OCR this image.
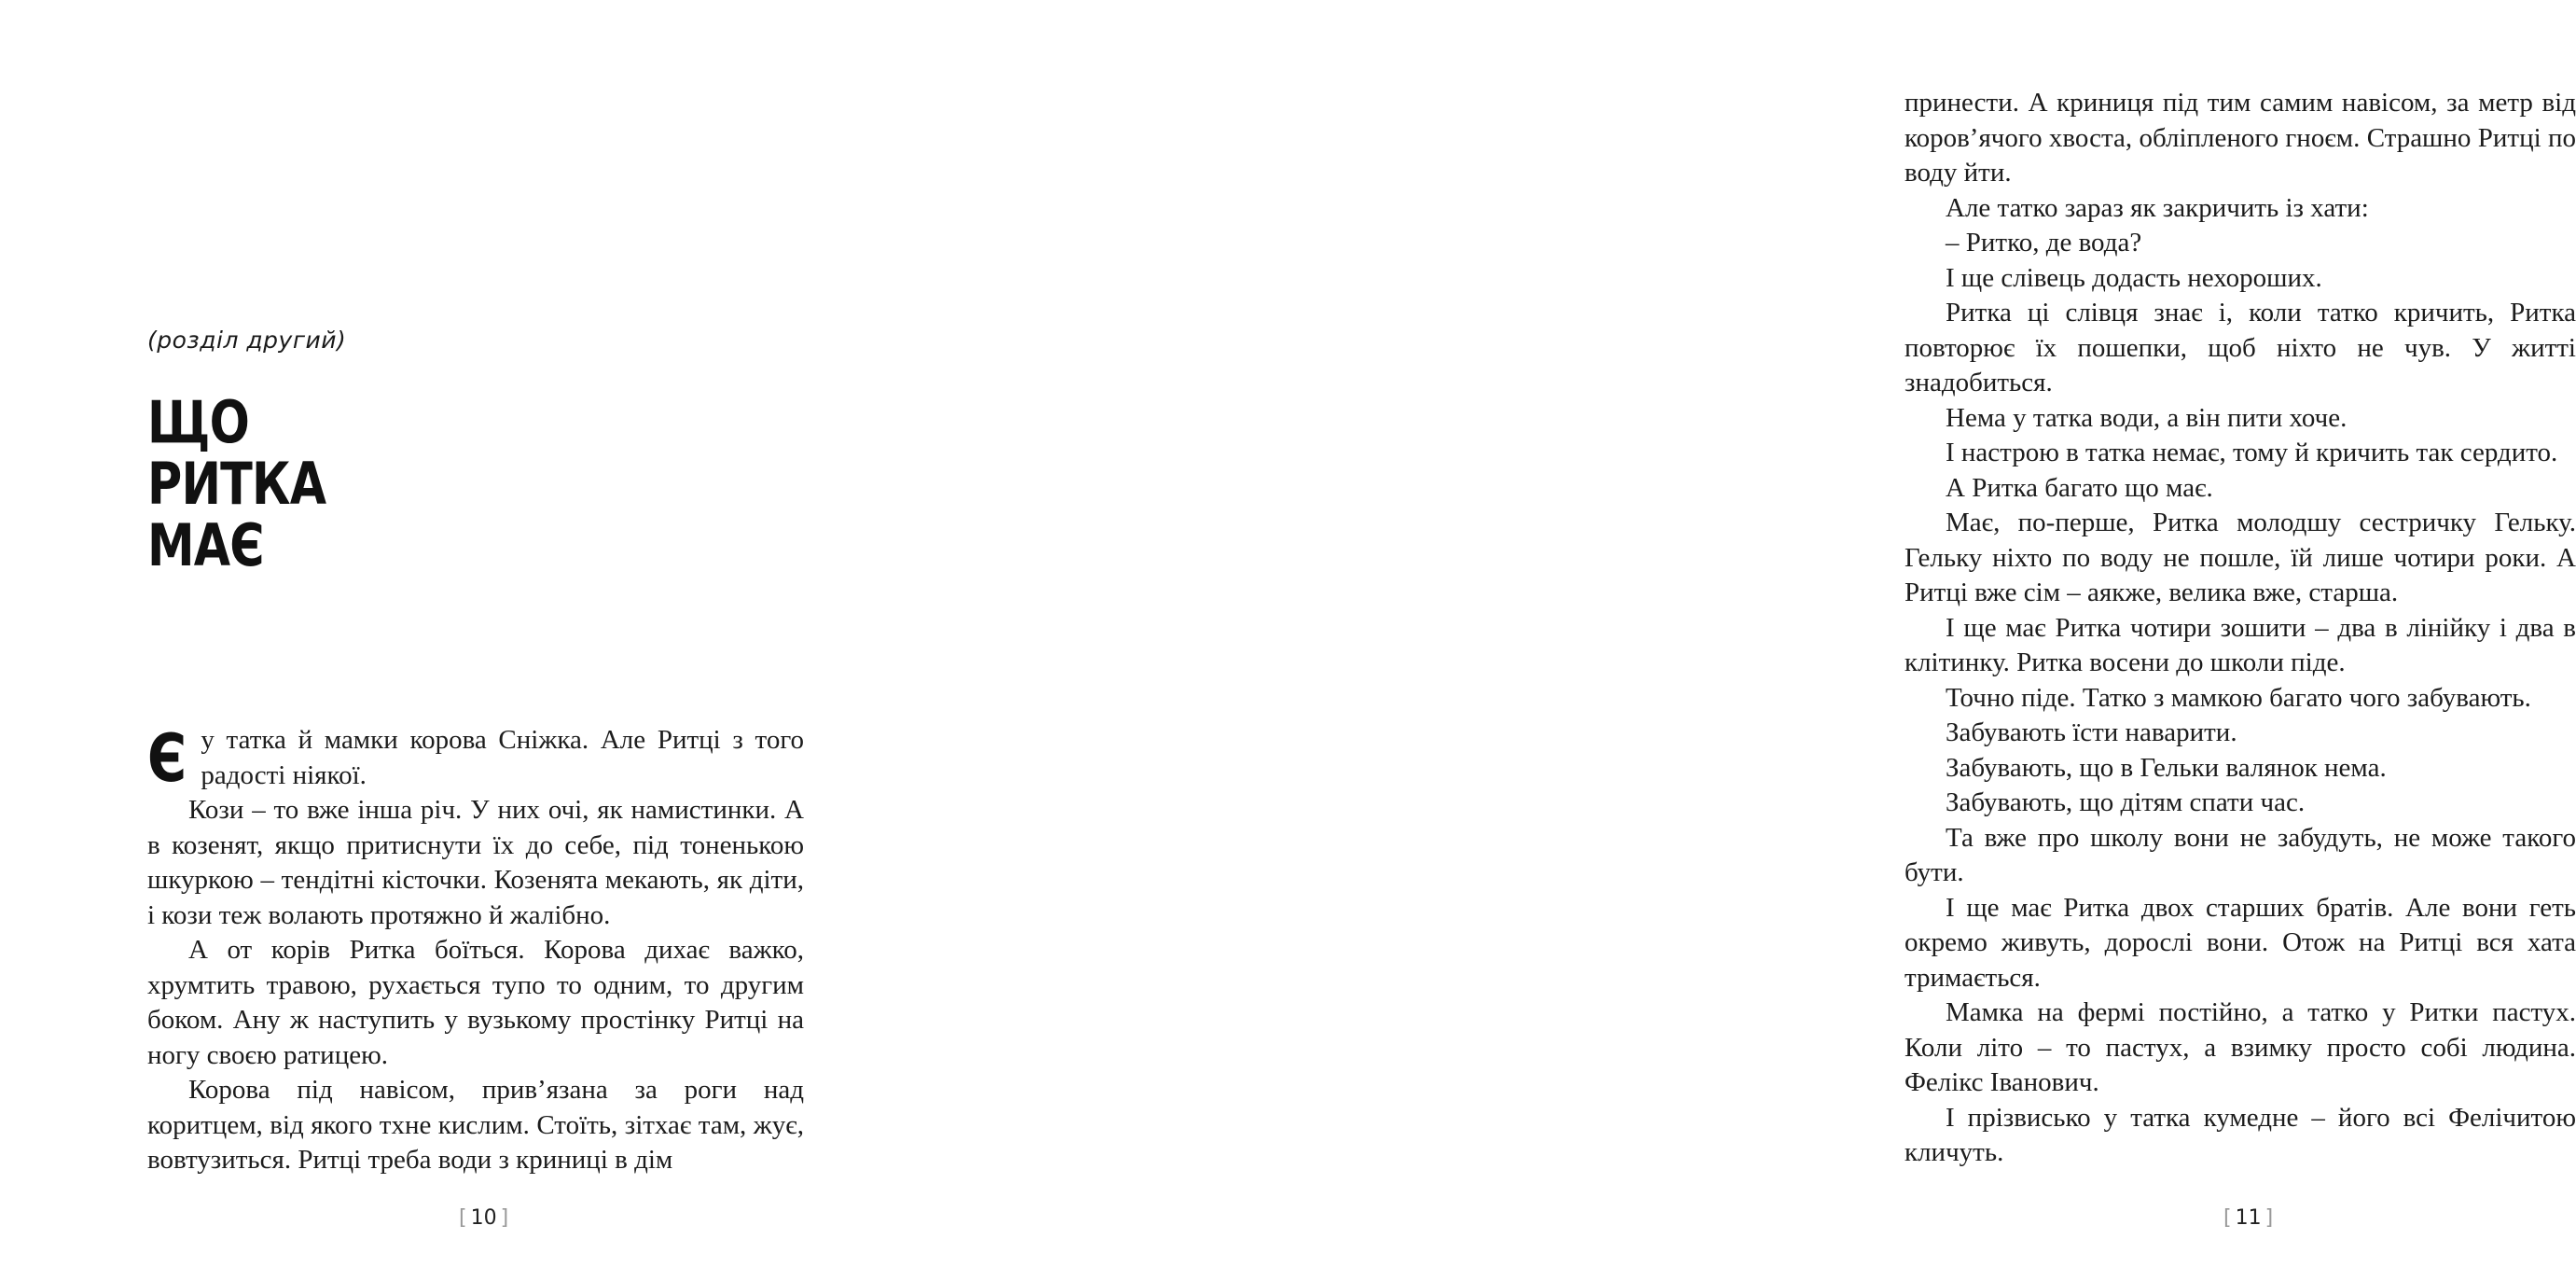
(розділ другий)
ЩО
РИТКА
МАЄ

Єу татка й мамки корова Сніжка. Але Ритці з того радості ніякої.

Кози – то вже інша річ. У них очі, як намистинки. А в козенят, якщо притиснути їх до себе, під тоненькою шкуркою – тендітні кісточки. Козенята мекають, як діти, і кози теж волають протяжно й жалібно.

А от корів Ритка боїться. Корова дихає важко, хрумтить травою, рухається тупо то одним, то другим боком. Ану ж наступить у вузькому простінку Ритці на ногу своєю ратицею.

Корова під навісом, прив’язана за роги над коритцем, від якого тхне кислим. Стоїть, зітхає там, жує, вовтузиться. Ритці треба води з криниці в дім

[ 10 ]

принести. А криниця під тим самим навісом, за метр від коров’ячого хвоста, обліпленого гноєм. Страшно Ритці по воду йти.

Але татко зараз як закричить із хати:

– Ритко, де вода?

І ще слівець додасть нехороших.

Ритка ці слівця знає і, коли татко кричить, Ритка повторює їх пошепки, щоб ніхто не чув. У житті знадобиться.

Нема у татка води, а він пити хоче.

І настрою в татка немає, тому й кричить так сердито.

А Ритка багато що має.

Має, по-перше, Ритка молодшу сестричку Гельку. Гельку ніхто по воду не пошле, їй лише чотири роки. А Ритці вже сім – аякже, велика вже, старша.

І ще має Ритка чотири зошити – два в лінійку і два в клітинку. Ритка восени до школи піде.

Точно піде. Татко з мамкою багато чого забувають.

Забувають їсти наварити.

Забувають, що в Гельки валянок нема.

Забувають, що дітям спати час.

Та вже про школу вони не забудуть, не може такого бути.

І ще має Ритка двох старших братів. Але вони геть окремо живуть, дорослі вони. Отож на Ритці вся хата тримається.

Мамка на фермі постійно, а татко у Ритки пастух. Коли літо – то пастух, а взимку просто собі людина. Фелікс Іванович.

І прізвисько у татка кумедне – його всі Фелічитою кличуть.

[ 11 ]
